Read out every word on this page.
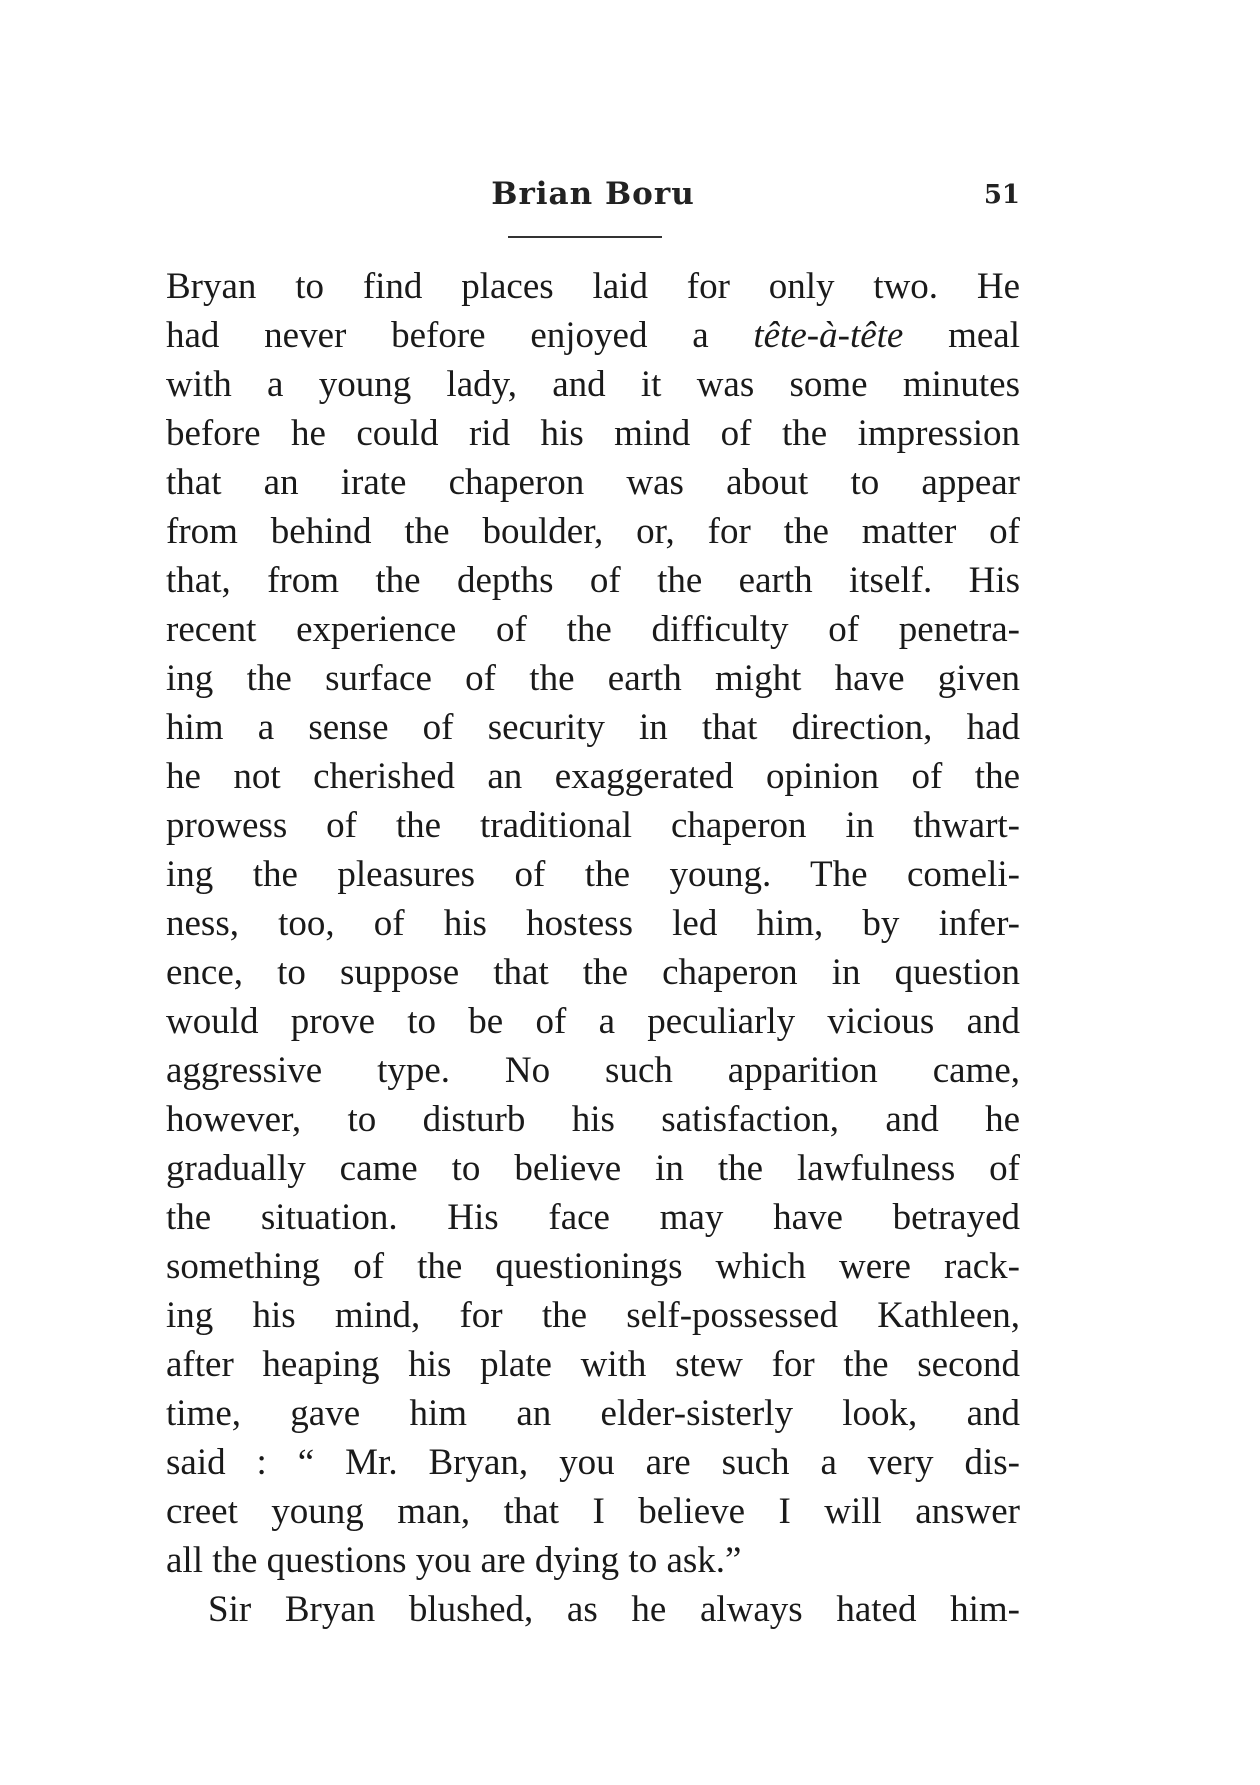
Brian Boru	51
Bryan to find places laid for only two. He
had never before enjoyed a tête-à-tête meal
with a young lady, and it was some minutes
before he could rid his mind of the impression
that an irate chaperon was about to appear
from behind the boulder, or, for the matter of
that, from the depths of the earth itself. His
recent experience of the difficulty of penetra-
ing the surface of the earth might have given
him a sense of security in that direction, had
he not cherished an exaggerated opinion of the
prowess of the traditional chaperon in thwart-
ing the pleasures of the young. The comeli-
ness, too, of his hostess led him, by infer-
ence, to suppose that the chaperon in question
would prove to be of a peculiarly vicious and
aggressive type. No such apparition came,
however, to disturb his satisfaction, and he
gradually came to believe in the lawfulness of
the situation. His face may have betrayed
something of the questionings which were rack-
ing his mind, for the self-possessed Kathleen,
after heaping his plate with stew for the second
time, gave him an elder-sisterly look, and
said : “ Mr. Bryan, you are such a very dis-
creet young man, that I believe I will answer
all the questions you are dying to ask.”
Sir Bryan blushed, as he always hated him-
